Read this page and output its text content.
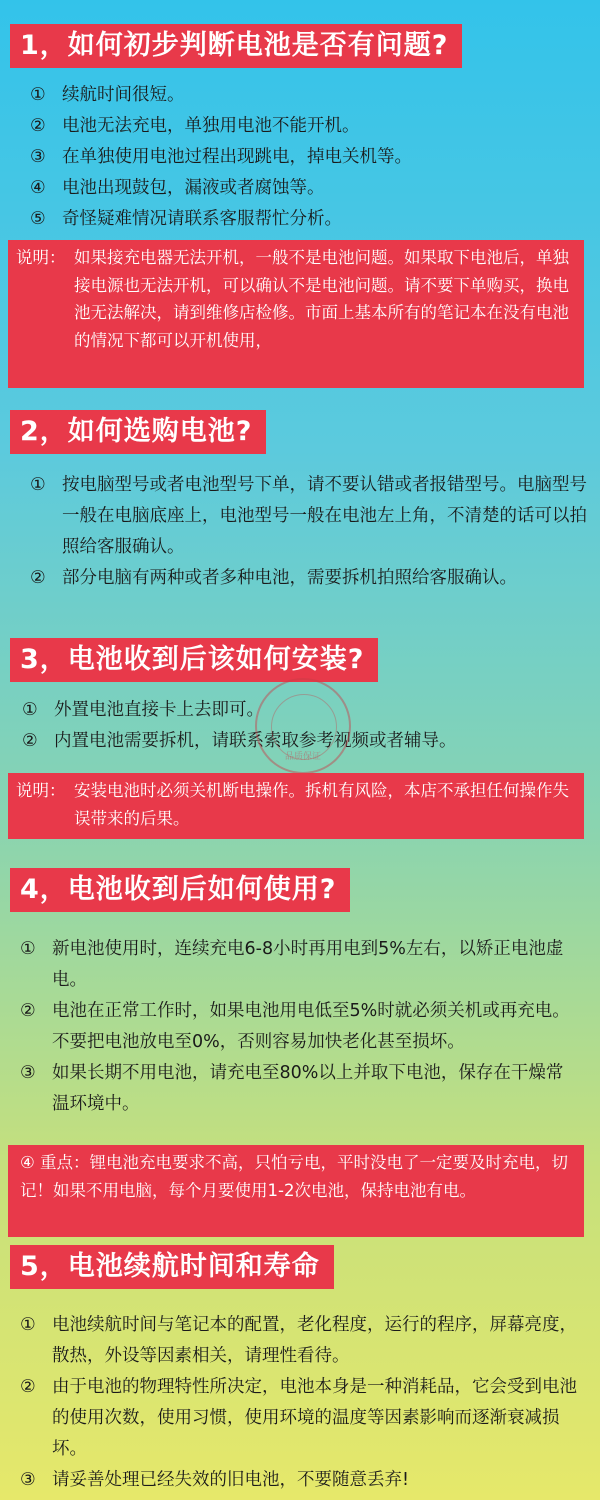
1，如何初步判断电池是否有问题?
① 续航时间很短。
② 电池无法充电，单独用电池不能开机。
③ 在单独使用电池过程出现跳电，掉电关机等。
④ 电池出现鼓包，漏液或者腐蚀等。
⑤ 奇怪疑难情况请联系客服帮忙分析。
说明： 如果接充电器无法开机，一般不是电池问题。如果取下电池后，单独接电源也无法开机，可以确认不是电池问题。请不要下单购买，换电池无法解决，请到维修店检修。市面上基本所有的笔记本在没有电池的情况下都可以开机使用，
2，如何选购电池?
① 按电脑型号或者电池型号下单，请不要认错或者报错型号。电脑型号一般在电脑底座上，电池型号一般在电池左上角，不清楚的话可以拍照给客服确认。
② 部分电脑有两种或者多种电池，需要拆机拍照给客服确认。
3，电池收到后该如何安装?
① 外置电池直接卡上去即可。
② 内置电池需要拆机，请联系索取参考视频或者辅导。
品质保证
说明： 安装电池时必须关机断电操作。拆机有风险，本店不承担任何操作失误带来的后果。
4，电池收到后如何使用?
① 新电池使用时，连续充电6-8小时再用电到5%左右，以矫正电池虚电。
② 电池在正常工作时，如果电池用电低至5%时就必须关机或再充电。不要把电池放电至0%，否则容易加快老化甚至损坏。
③ 如果长期不用电池，请充电至80%以上并取下电池，保存在干燥常温环境中。
④ 重点：锂电池充电要求不高，只怕亏电，平时没电了一定要及时充电，切记！如果不用电脑，每个月要使用1-2次电池，保持电池有电。
5，电池续航时间和寿命
① 电池续航时间与笔记本的配置，老化程度，运行的程序，屏幕亮度，散热，外设等因素相关，请理性看待。
② 由于电池的物理特性所决定，电池本身是一种消耗品，它会受到电池的使用次数，使用习惯，使用环境的温度等因素影响而逐渐衰减损坏。
③ 请妥善处理已经失效的旧电池，不要随意丢弃!
